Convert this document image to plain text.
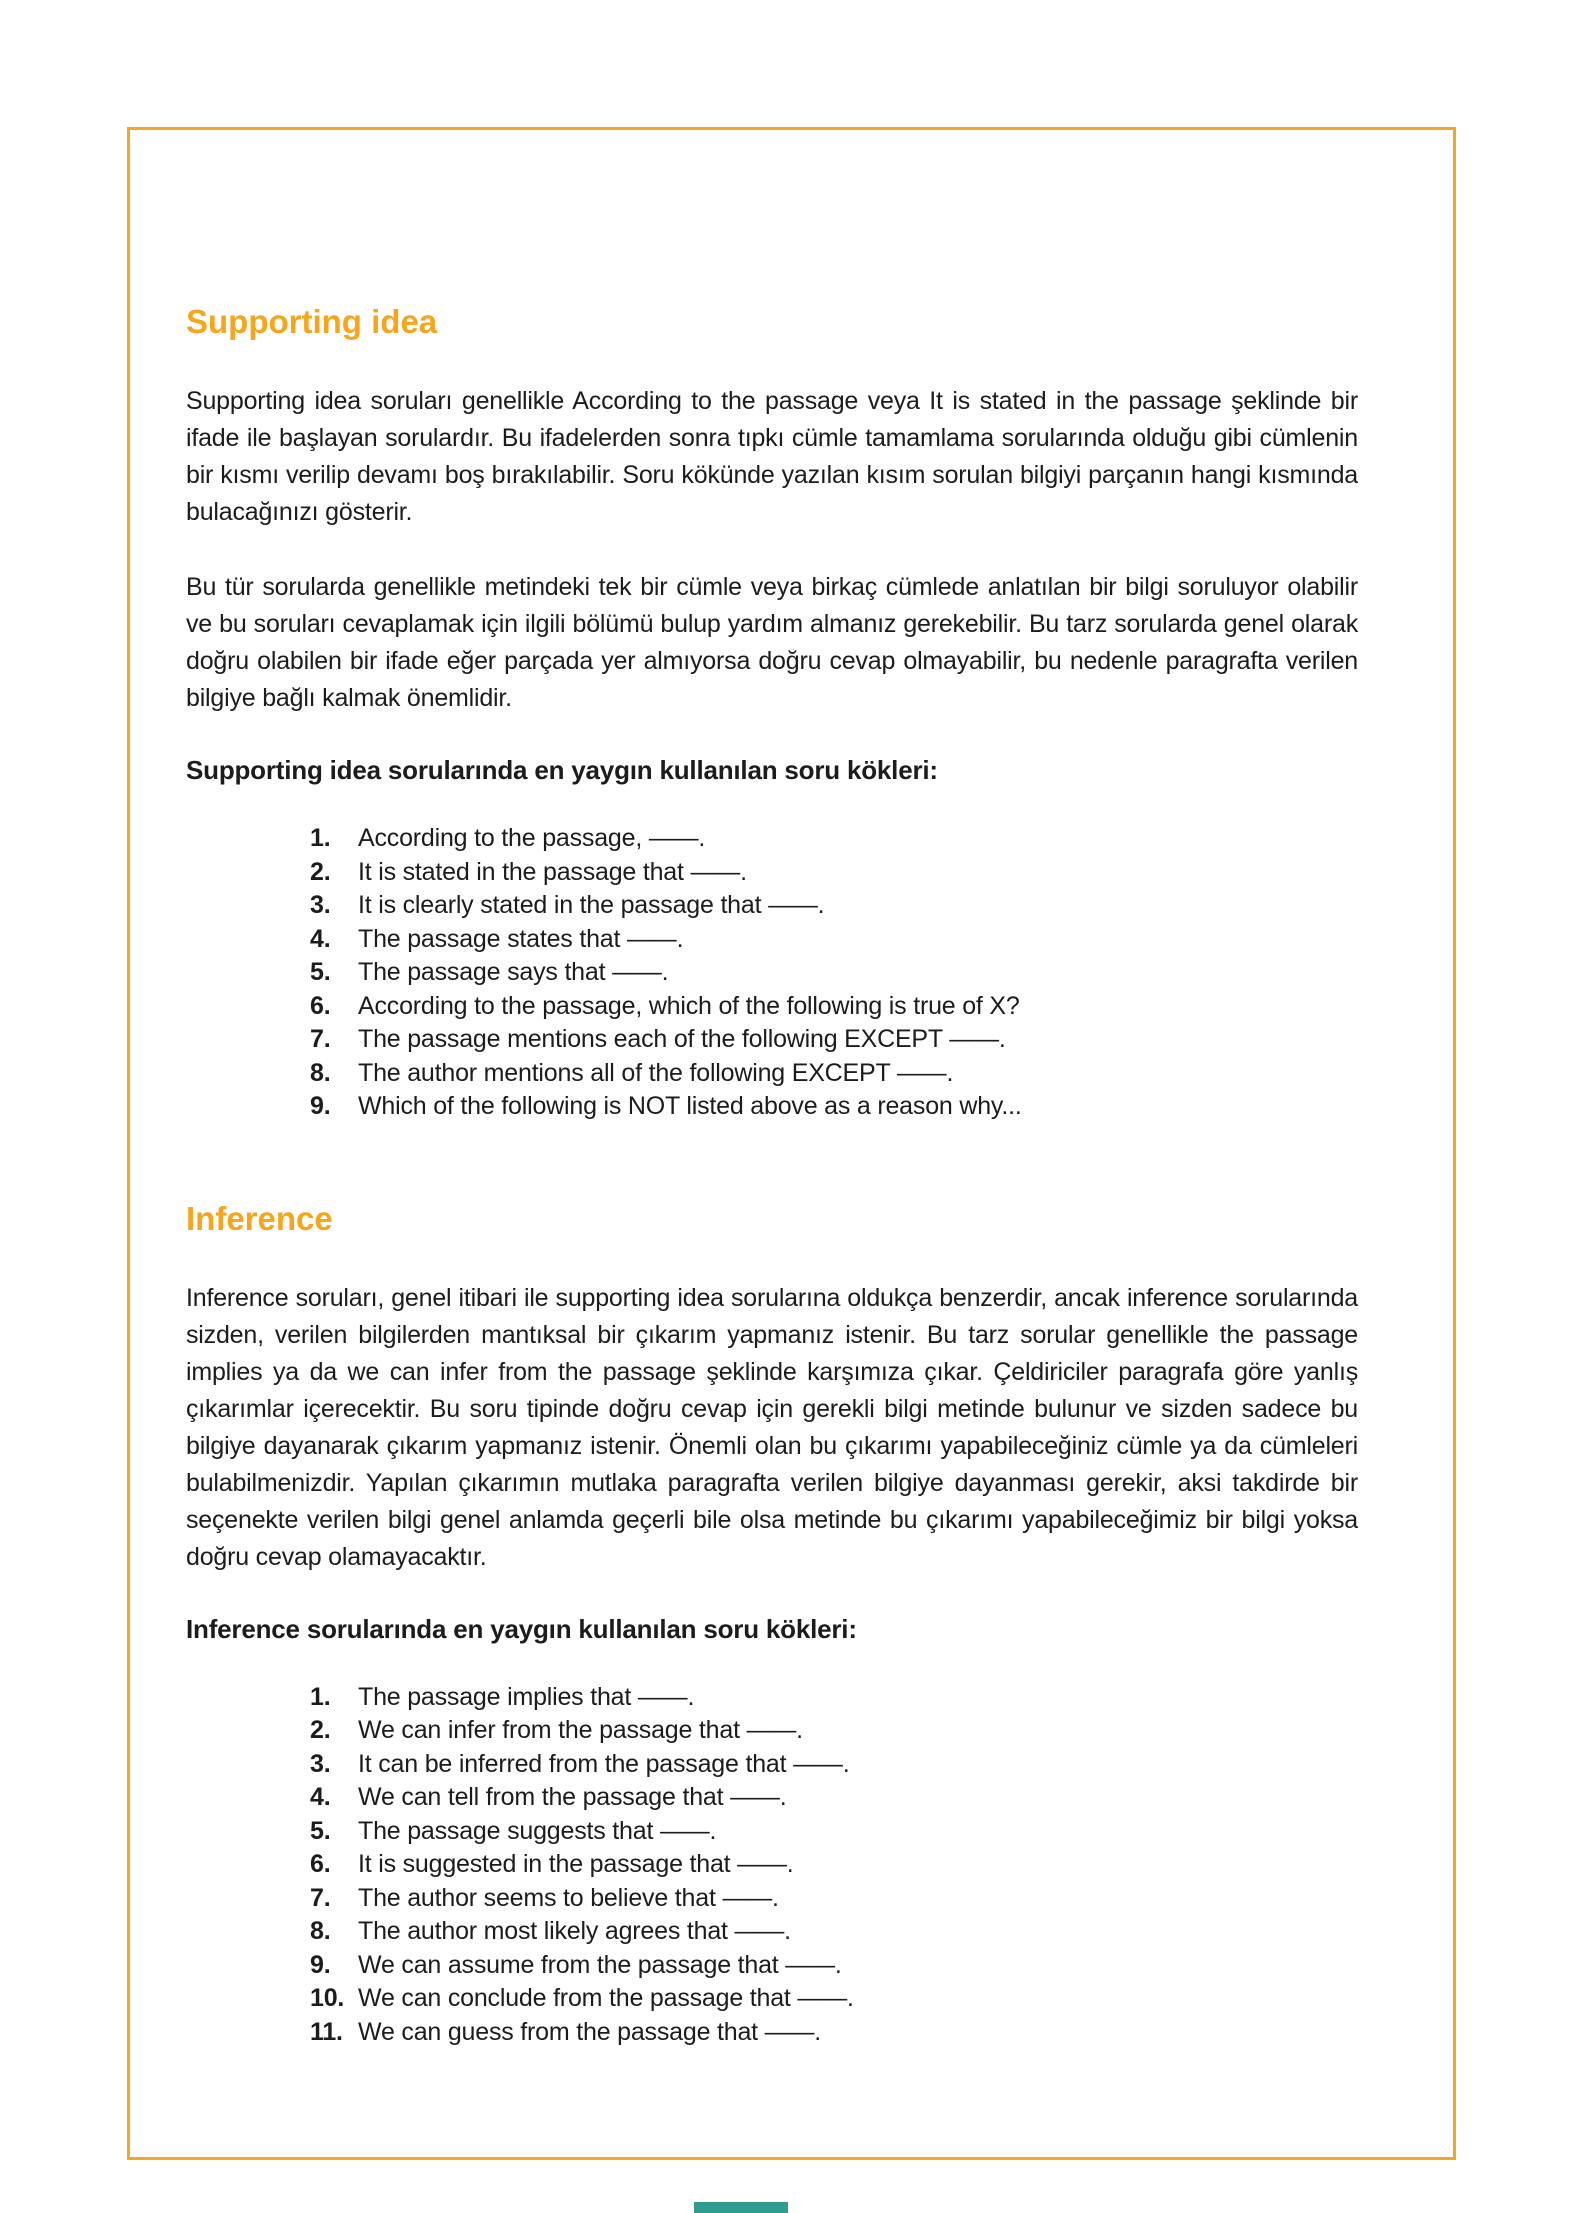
Supporting idea

Supporting idea soruları genellikle According to the passage veya It is stated in the passage şeklinde bir ifade ile başlayan sorulardır. Bu ifadelerden sonra tıpkı cümle tamamlama sorularında olduğu gibi cümlenin bir kısmı verilip devamı boş bırakılabilir. Soru kökünde yazılan kısım sorulan bilgiyi parçanın hangi kısmında bulacağınızı gösterir.

Bu tür sorularda genellikle metindeki tek bir cümle veya birkaç cümlede anlatılan bir bilgi soruluyor olabilir ve bu soruları cevaplamak için ilgili bölümü bulup yardım almanız gerekebilir. Bu tarz sorularda genel olarak doğru olabilen bir ifade eğer parçada yer almıyorsa doğru cevap olmayabilir, bu nedenle paragrafta verilen bilgiye bağlı kalmak önemlidir.

Supporting idea sorularında en yaygın kullanılan soru kökleri:
1.	According to the passage, ——.
2.	It is stated in the passage that ——.
3.	It is clearly stated in the passage that ——.
4.	The passage states that ——.
5.	The passage says that ——.
6.	According to the passage, which of the following is true of X?
7.	The passage mentions each of the following EXCEPT ——.
8.	The author mentions all of the following EXCEPT ——.
9.	Which of the following is NOT listed above as a reason why...
Inference

Inference soruları, genel itibari ile supporting idea sorularına oldukça benzerdir, ancak inference sorularında sizden, verilen bilgilerden mantıksal bir çıkarım yapmanız istenir. Bu tarz sorular genellikle the passage implies ya da we can infer from the passage şeklinde karşımıza çıkar. Çeldiriciler paragrafa göre yanlış çıkarımlar içerecektir. Bu soru tipinde doğru cevap için gerekli bilgi metinde bulunur ve sizden sadece bu bilgiye dayanarak çıkarım yapmanız istenir. Önemli olan bu çıkarımı yapabileceğiniz cümle ya da cümleleri bulabilmenizdir. Yapılan çıkarımın mutlaka paragrafta verilen bilgiye dayanması gerekir, aksi takdirde bir seçenekte verilen bilgi genel anlamda geçerli bile olsa metinde bu çıkarımı yapabileceğimiz bir bilgi yoksa doğru cevap olamayacaktır.

Inference sorularında en yaygın kullanılan soru kökleri:
1.	The passage implies that ——.
2.	We can infer from the passage that ——.
3.	It can be inferred from the passage that ——.
4.	We can tell from the passage that ——.
5.	The passage suggests that ——.
6.	It is suggested in the passage that ——.
7.	The author seems to believe that ——.
8.	The author most likely agrees that ——.
9.	We can assume from the passage that ——.
10. We can conclude from the passage that ——.
11. We can guess from the passage that ——.
